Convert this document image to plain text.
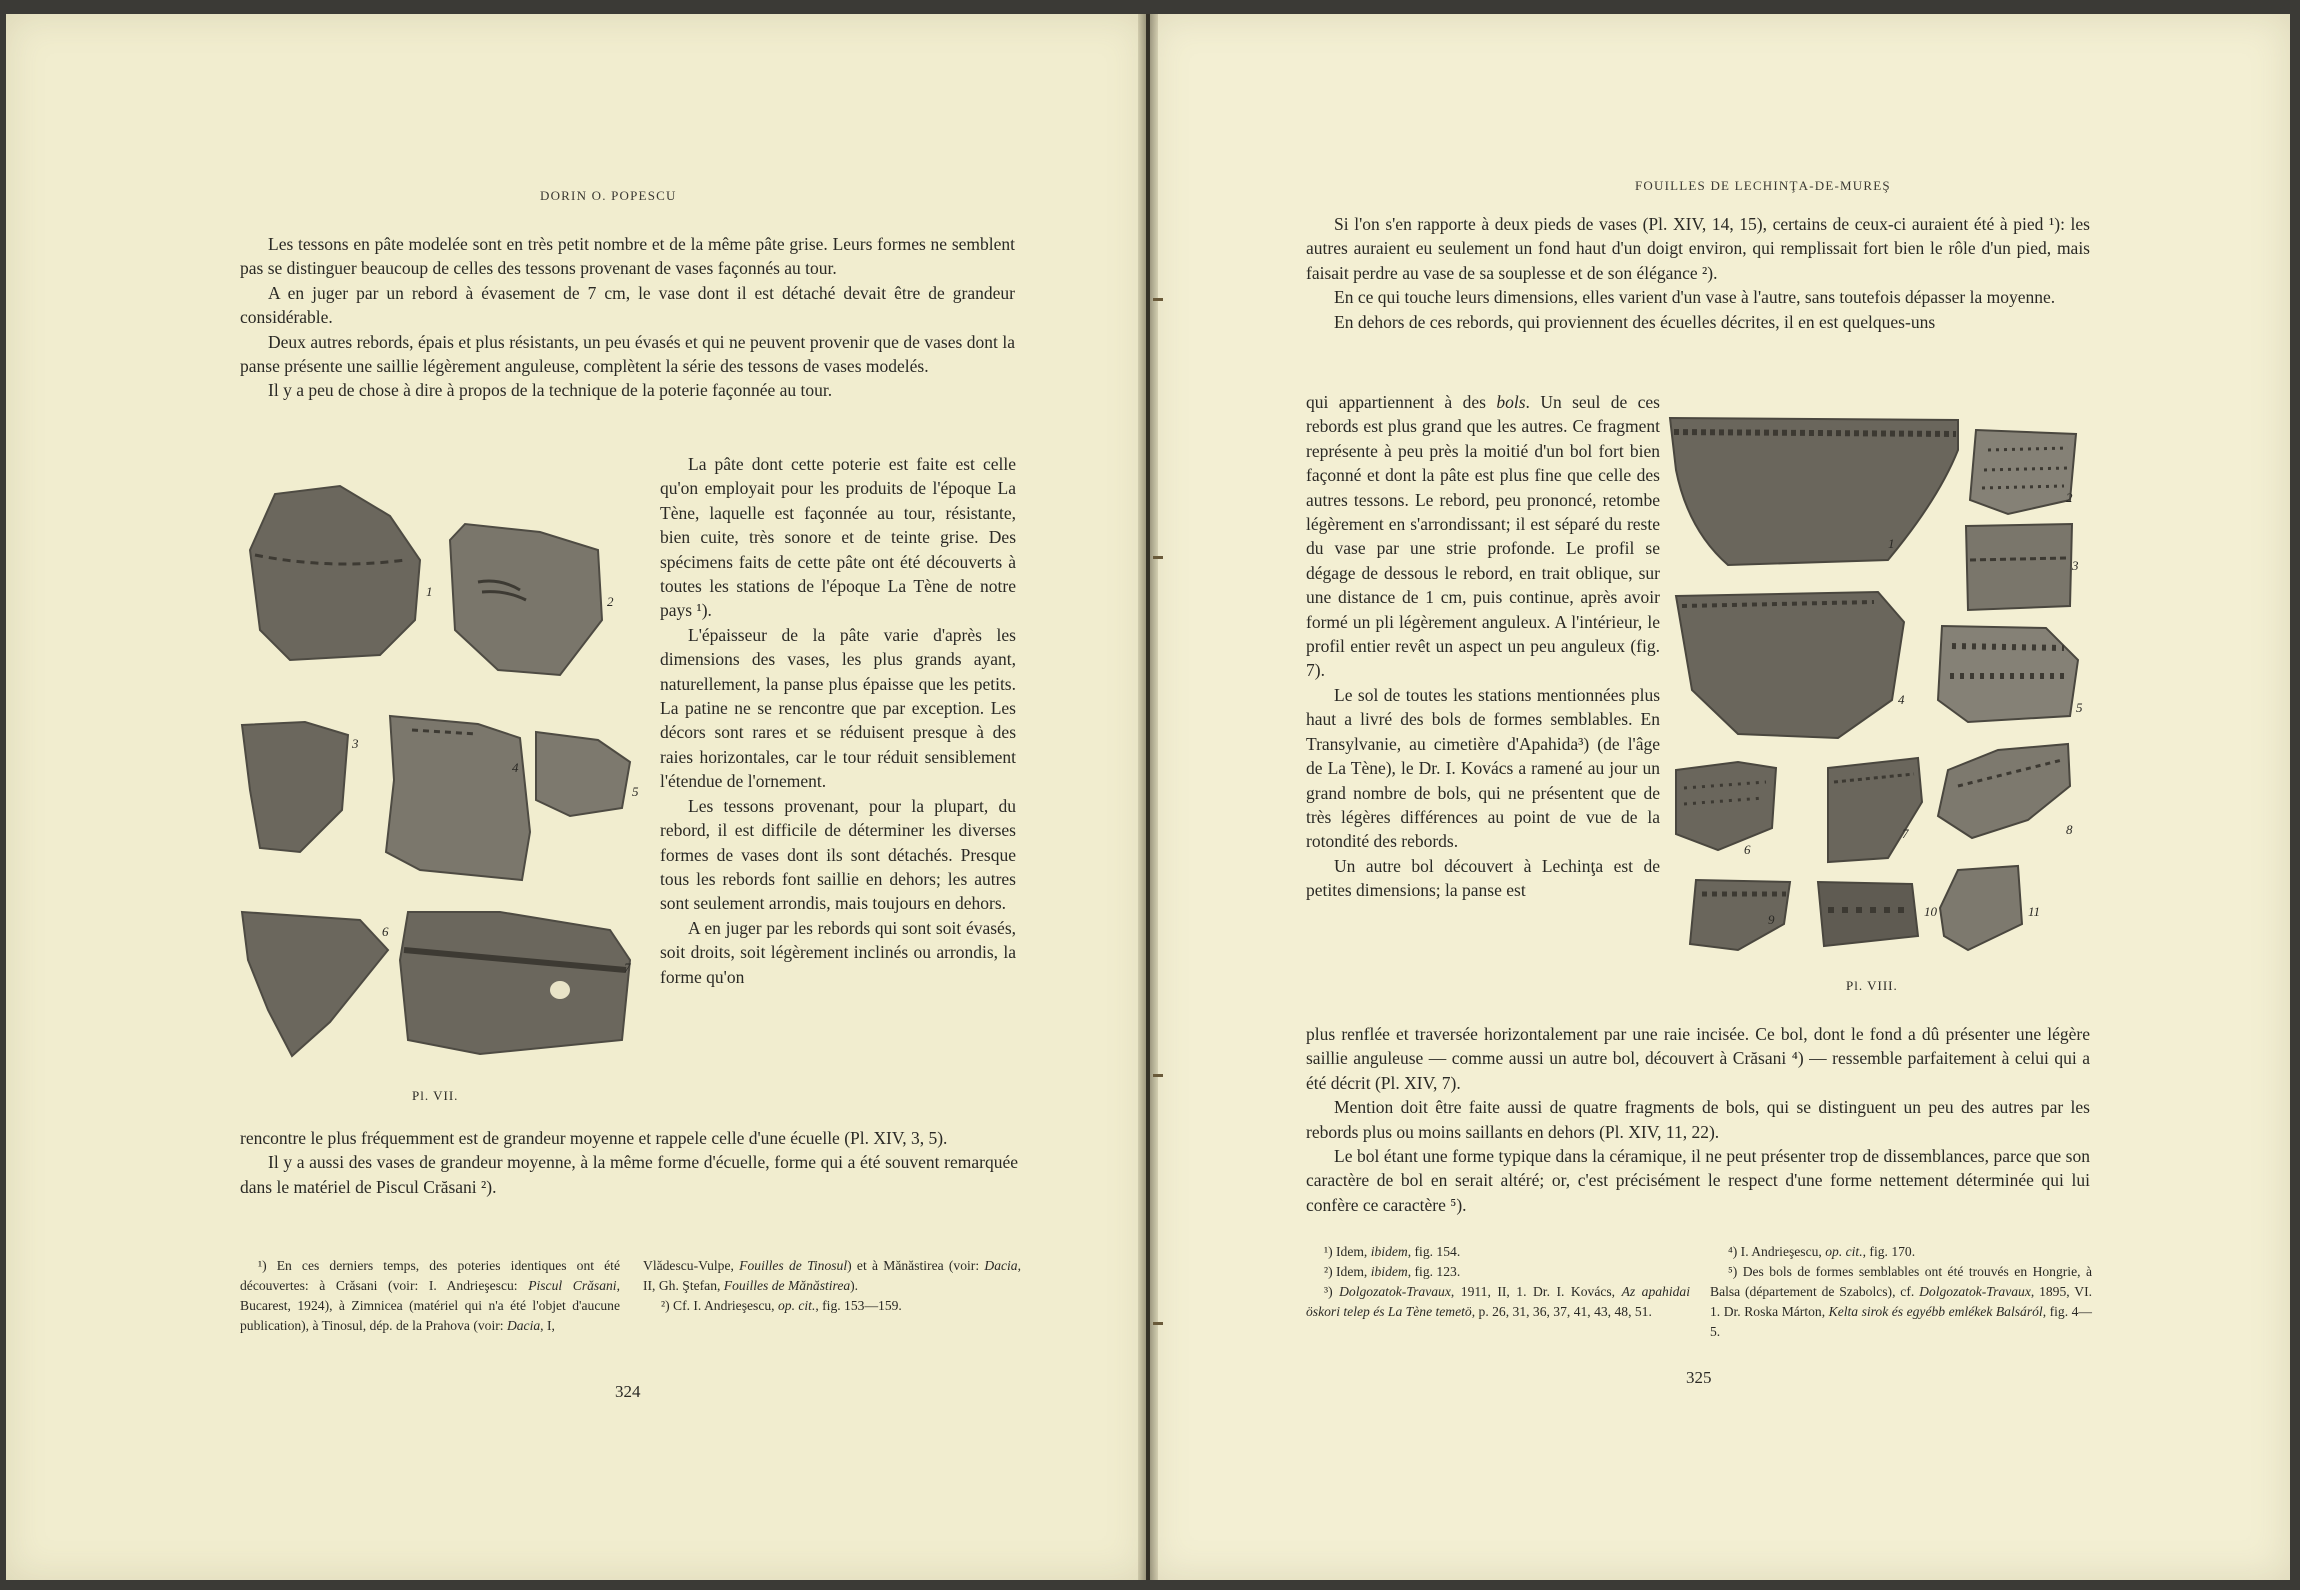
DORIN O. POPESCU

Les tessons en pâte modelée sont en très petit nombre et de la même pâte grise. Leurs formes ne semblent pas se distinguer beaucoup de celles des tessons provenant de vases façonnés au tour.

A en juger par un rebord à évasement de 7 cm, le vase dont il est détaché devait être de grandeur considérable.

Deux autres rebords, épais et plus résistants, un peu évasés et qui ne peuvent provenir que de vases dont la panse présente une saillie légèrement anguleuse, complètent la série des tessons de vases modelés.

Il y a peu de chose à dire à propos de la technique de la poterie façonnée au tour.

La pâte dont cette poterie est faite est celle qu'on employait pour les produits de l'époque La Tène, laquelle est façonnée au tour, résistante, bien cuite, très sonore et de teinte grise. Des spécimens faits de cette pâte ont été découverts à toutes les stations de l'époque La Tène de notre pays ¹).

L'épaisseur de la pâte varie d'après les dimensions des vases, les plus grands ayant, naturellement, la panse plus épaisse que les petits. La patine ne se rencontre que par exception. Les décors sont rares et se réduisent presque à des raies horizontales, car le tour réduit sensiblement l'étendue de l'ornement.

Les tessons provenant, pour la plupart, du rebord, il est difficile de déterminer les diverses formes de vases dont ils sont détachés. Presque tous les rebords font saillie en dehors; les autres sont seulement arrondis, mais toujours en dehors.

A en juger par les rebords qui sont soit évasés, soit droits, soit légèrement inclinés ou arrondis, la forme qu'on

1
2
3
4
5
6
7
Pl. VII.

rencontre le plus fréquemment est de grandeur moyenne et rappele celle d'une écuelle (Pl. XIV, 3, 5).

Il y a aussi des vases de grandeur moyenne, à la même forme d'écuelle, forme qui a été souvent remarquée dans le matériel de Piscul Crăsani ²).

¹) En ces derniers temps, des poteries identiques ont été découvertes: à Crăsani (voir: I. Andrieşescu: Piscul Crăsani, Bucarest, 1924), à Zimnicea (matériel qui n'a été l'objet d'aucune publication), à Tinosul, dép. de la Prahova (voir: Dacia, I,

Vlădescu-Vulpe, Fouilles de Tinosul) et à Mănăstirea (voir: Dacia, II, Gh. Ştefan, Fouilles de Mănăstirea).

²) Cf. I. Andrieşescu, op. cit., fig. 153—159.

324
FOUILLES DE LECHINŢA-DE-MUREŞ

Si l'on s'en rapporte à deux pieds de vases (Pl. XIV, 14, 15), certains de ceux-ci auraient été à pied ¹): les autres auraient eu seulement un fond haut d'un doigt environ, qui remplissait fort bien le rôle d'un pied, mais faisait perdre au vase de sa souplesse et de son élégance ²).

En ce qui touche leurs dimensions, elles varient d'un vase à l'autre, sans toutefois dépasser la moyenne.

En dehors de ces rebords, qui proviennent des écuelles décrites, il en est quelques-uns

qui appartiennent à des bols. Un seul de ces rebords est plus grand que les autres. Ce fragment représente à peu près la moitié d'un bol fort bien façonné et dont la pâte est plus fine que celle des autres tessons. Le rebord, peu prononcé, retombe légèrement en s'arrondissant; il est séparé du reste du vase par une strie profonde. Le profil se dégage de dessous le rebord, en trait oblique, sur une distance de 1 cm, puis continue, après avoir formé un pli légèrement anguleux. A l'intérieur, le profil entier revêt un aspect un peu anguleux (fig. 7).

Le sol de toutes les stations mentionnées plus haut a livré des bols de formes semblables. En Transylvanie, au cimetière d'Apahida³) (de l'âge de La Tène), le Dr. I. Kovács a ramené au jour un grand nombre de bols, qui ne présentent que de très légères différences au point de vue de la rotondité des rebords.

Un autre bol découvert à Lechinţa est de petites dimensions; la panse est

1
2
3
4
5
6
7	8
9
10	11
Pl. VIII.

plus renflée et traversée horizontalement par une raie incisée. Ce bol, dont le fond a dû présenter une légère saillie anguleuse — comme aussi un autre bol, découvert à Crăsani ⁴) — ressemble parfaitement à celui qui a été décrit (Pl. XIV, 7).

Mention doit être faite aussi de quatre fragments de bols, qui se distinguent un peu des autres par les rebords plus ou moins saillants en dehors (Pl. XIV, 11, 22).

Le bol étant une forme typique dans la céramique, il ne peut présenter trop de dissemblances, parce que son caractère de bol en serait altéré; or, c'est précisément le respect d'une forme nettement déterminée qui lui confère ce caractère ⁵).

¹) Idem, ibidem, fig. 154.

²) Idem, ibidem, fig. 123.

³) Dolgozatok-Travaux, 1911, II, 1. Dr. I. Kovács, Az apahidai öskori telep és La Tène temetö, p. 26, 31, 36, 37, 41, 43, 48, 51.

⁴) I. Andrieşescu, op. cit., fig. 170.

⁵) Des bols de formes semblables ont été trouvés en Hongrie, à Balsa (département de Szabolcs), cf. Dolgozatok-Travaux, 1895, VI. 1. Dr. Roska Márton, Kelta sirok és egyébb emlékek Balsáról, fig. 4—5.

325
